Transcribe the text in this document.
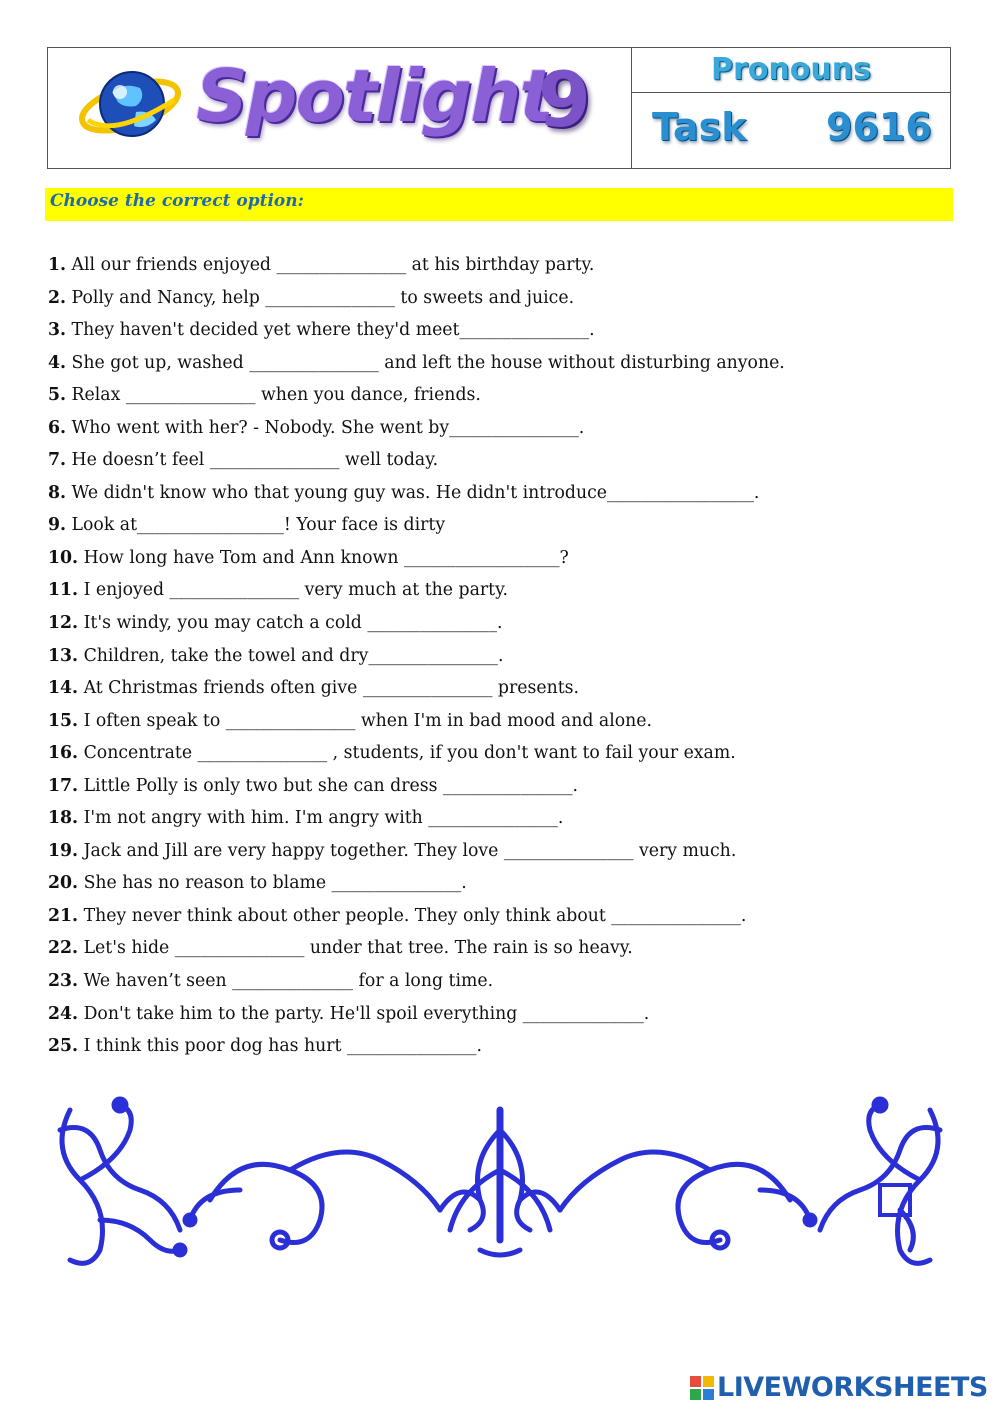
Spotlight
9	Pronouns
Task 9616
Choose the correct option:
1. All our friends enjoyed _______________ at his birthday party.
2. Polly and Nancy, help _______________ to sweets and juice.
3. They haven't decided yet where they'd meet_______________.
4. She got up, washed _______________ and left the house without disturbing anyone.
5. Relax _______________ when you dance, friends.
6. Who went with her? - Nobody. She went by_______________.
7. He doesn’t feel _______________ well today.
8. We didn't know who that young guy was. He didn't introduce_________________.
9. Look at_________________! Your face is dirty
10. How long have Tom and Ann known __________________?
11. I enjoyed _______________ very much at the party.
12. It's windy, you may catch a cold _______________.
13. Children, take the towel and dry_______________.
14. At Christmas friends often give _______________ presents.
15. I often speak to _______________ when I'm in bad mood and alone.
16. Concentrate _______________ , students, if you don't want to fail your exam.
17. Little Polly is only two but she can dress _______________.
18. I'm not angry with him. I'm angry with _______________.
19. Jack and Jill are very happy together. They love _______________ very much.
20. She has no reason to blame _______________.
21. They never think about other people. They only think about _______________.
22. Let's hide _______________ under that tree. The rain is so heavy.
23. We haven’t seen ______________ for a long time.
24. Don't take him to the party. He'll spoil everything ______________.
25. I think this poor dog has hurt _______________.
LIVEWORKSHEETS
